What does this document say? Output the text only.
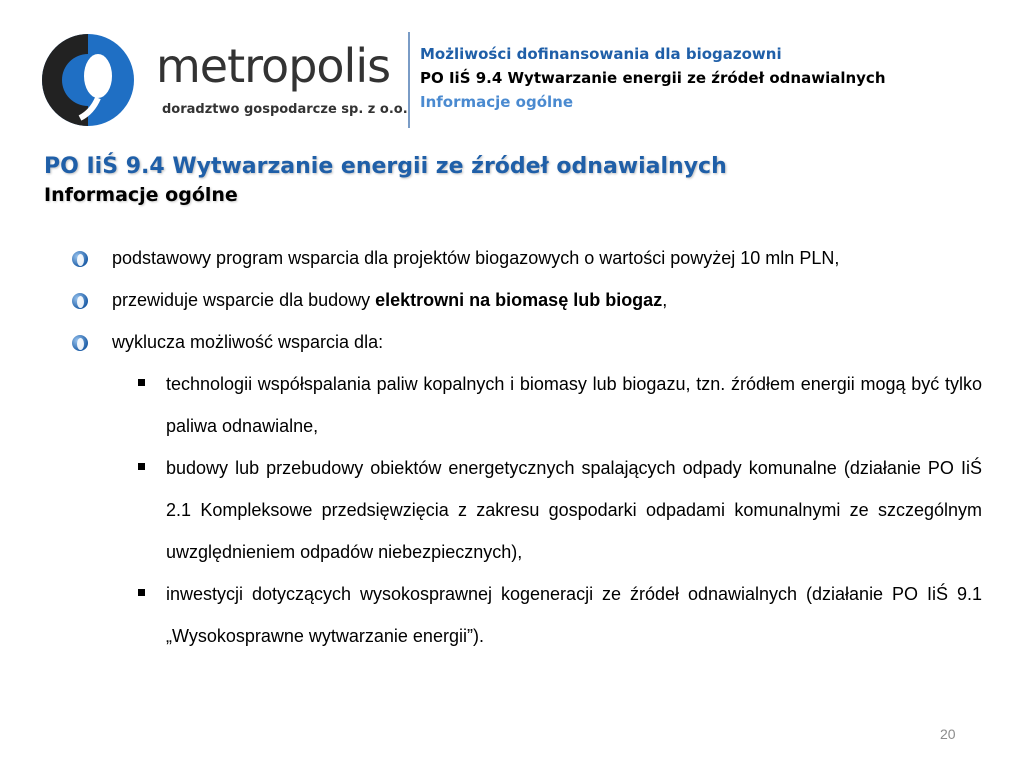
metropolis
doradztwo gospodarcze sp. z o.o.
Możliwości dofinansowania dla biogazowni
PO IiŚ 9.4 Wytwarzanie energii ze źródeł odnawialnych
Informacje ogólne
PO IiŚ 9.4 Wytwarzanie energii ze źródeł odnawialnych
Informacje ogólne
podstawowy program wsparcia dla projektów biogazowych o wartości powyżej 10 mln PLN,
przewiduje wsparcie dla budowy elektrowni na biomasę lub biogaz,
wyklucza możliwość wsparcia dla:
technologii współspalania paliw kopalnych i biomasy lub biogazu, tzn. źródłem energii mogą być tylko paliwa odnawialne,
budowy lub przebudowy obiektów energetycznych spalających odpady komunalne (działanie PO IiŚ 2.1 Kompleksowe przedsięwzięcia z zakresu gospodarki odpadami komunalnymi ze szczególnym uwzględnieniem odpadów niebezpiecznych),
inwestycji dotyczących wysokosprawnej kogeneracji ze źródeł odnawialnych (działanie PO IiŚ 9.1 „Wysokosprawne wytwarzanie energii”).
20
